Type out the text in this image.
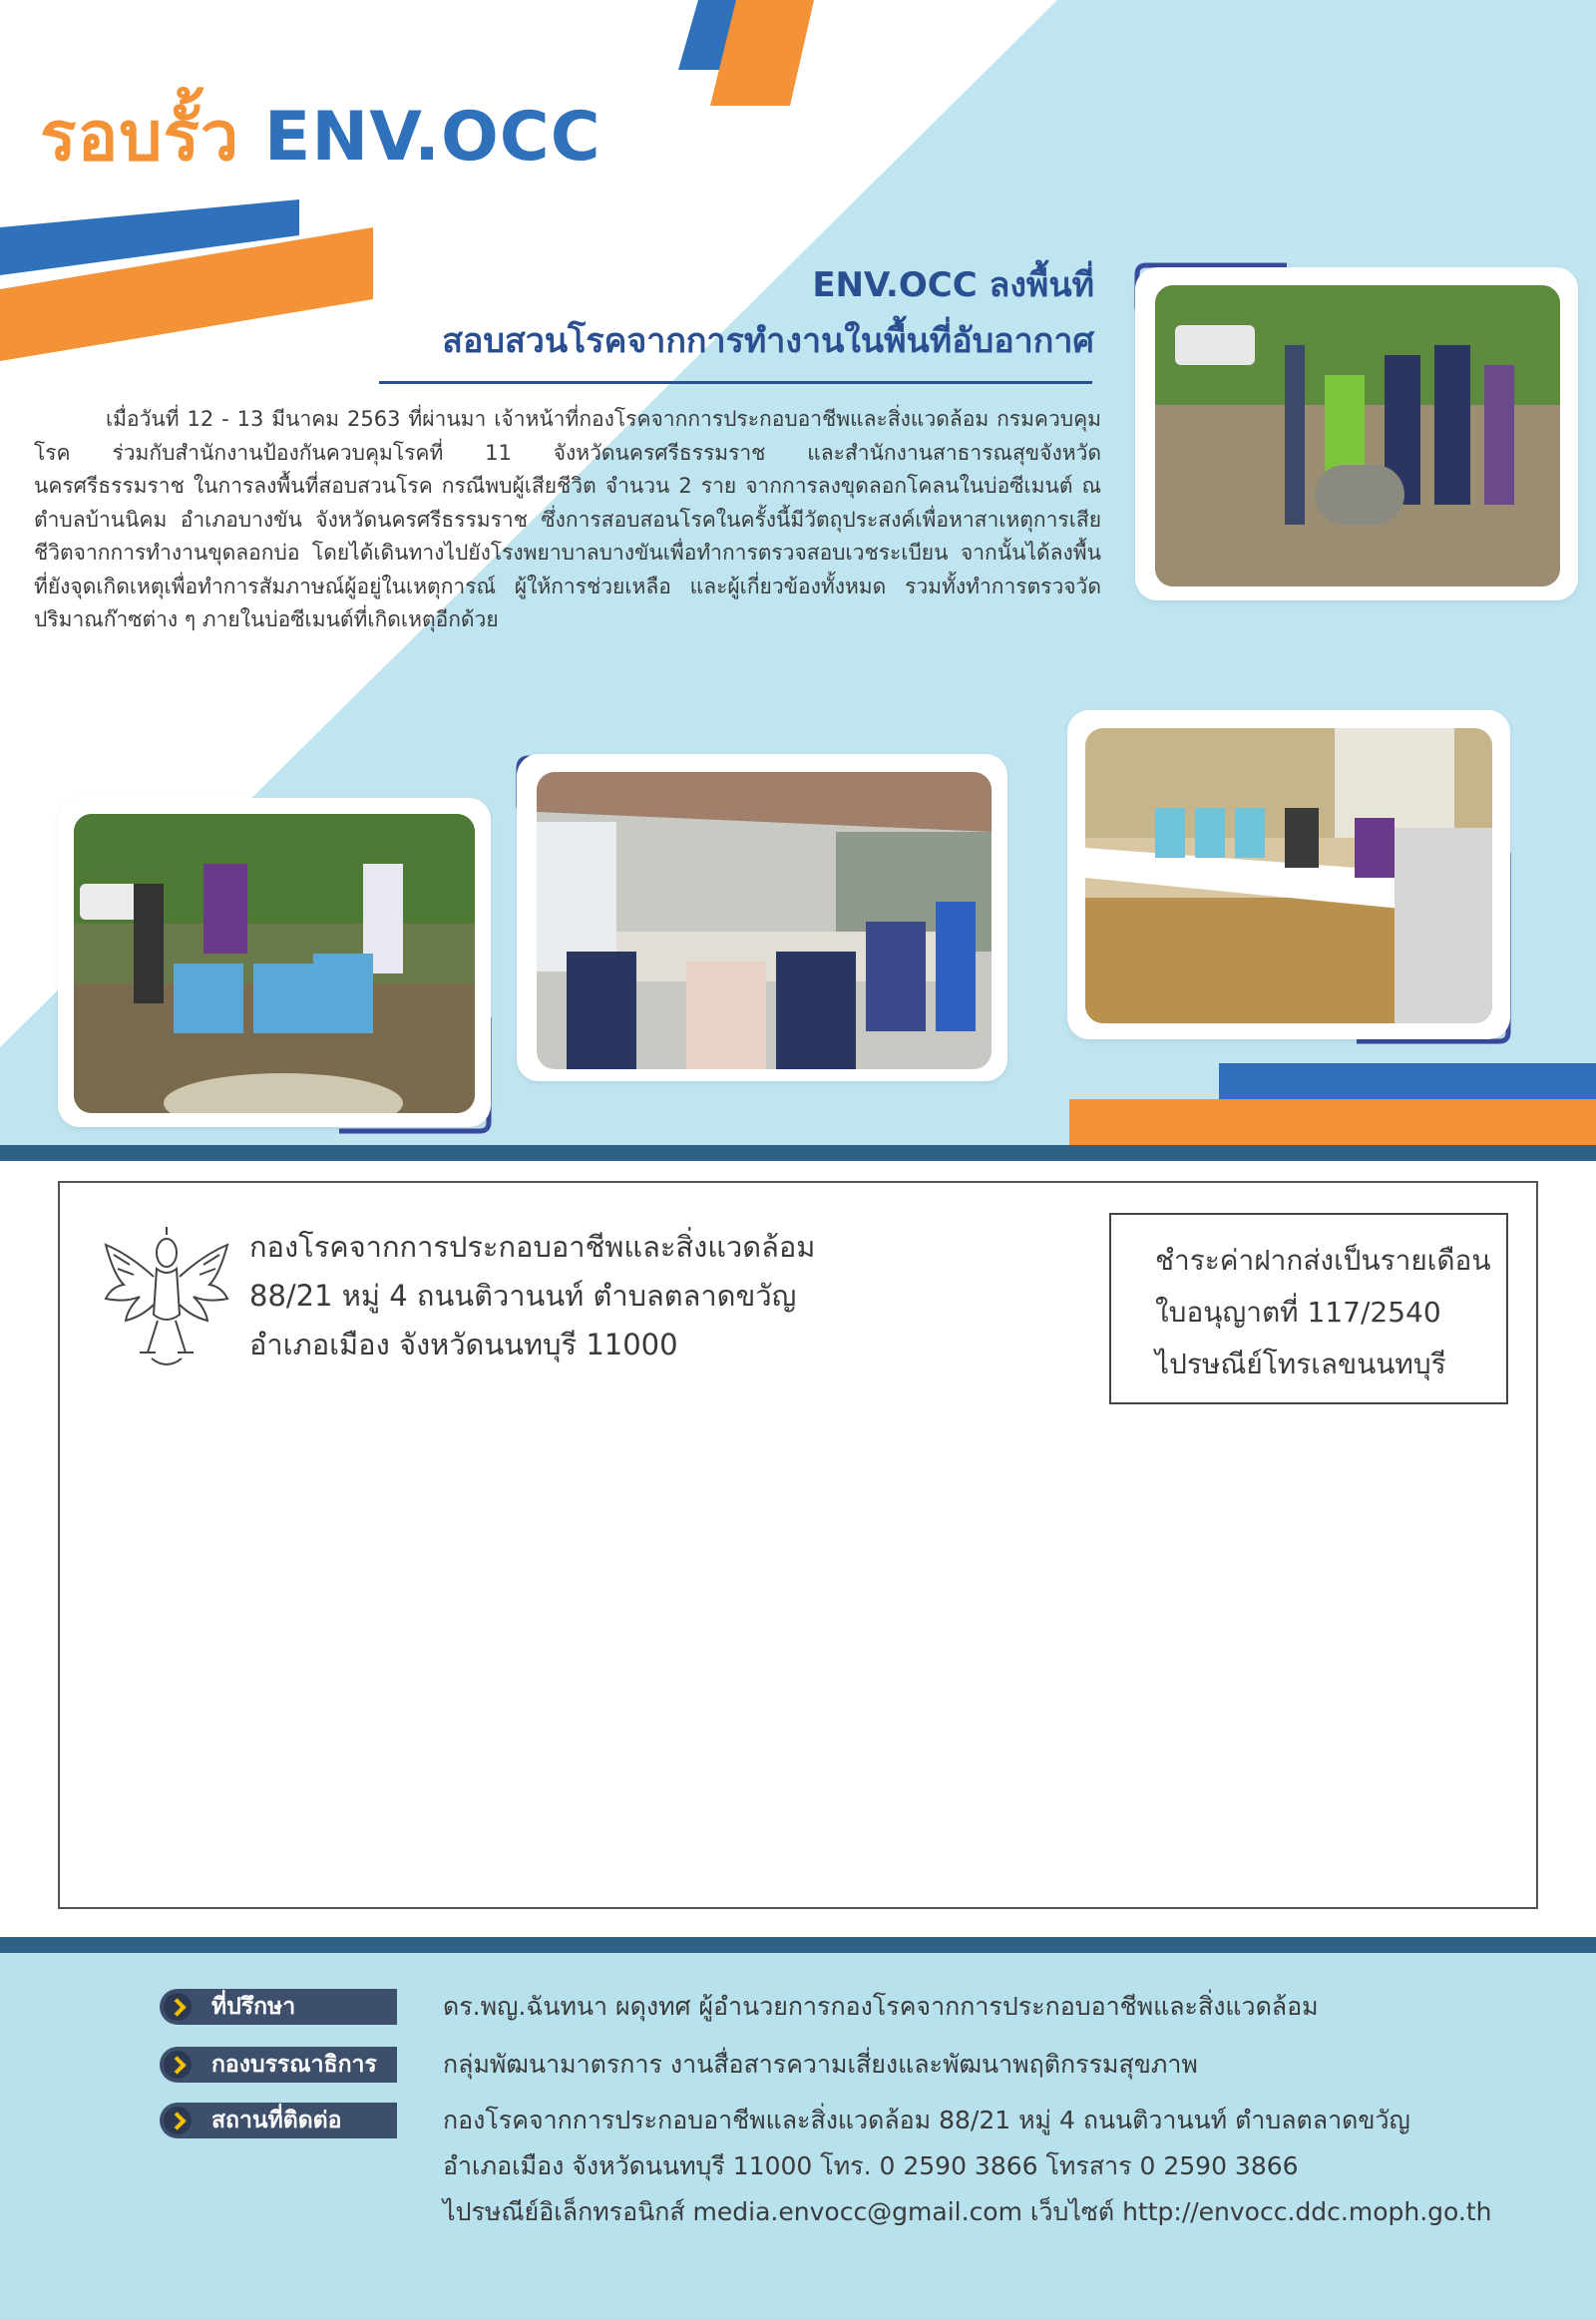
รอบรั้ว ENV.OCC
ENV.OCC ลงพื้นที่
สอบสวนโรคจากการทำงานในพื้นที่อับอากาศ

เมื่อวันที่ 12 - 13 มีนาคม 2563 ที่ผ่านมา เจ้าหน้าที่กองโรคจากการประกอบอาชีพและสิ่งแวดล้อม กรมควบคุมโรค ร่วมกับสำนักงานป้องกันควบคุมโรคที่ 11 จังหวัดนครศรีธรรมราช และสำนักงานสาธารณสุขจังหวัดนครศรีธรรมราช ในการลงพื้นที่สอบสวนโรค กรณีพบผู้เสียชีวิต จำนวน 2 ราย จากการลงขุดลอกโคลนในบ่อซีเมนต์ ณ ตำบลบ้านนิคม อำเภอบางขัน จังหวัดนครศรีธรรมราช ซึ่งการสอบสอนโรคในครั้งนี้มีวัตถุประสงค์เพื่อหาสาเหตุการเสียชีวิตจากการทำงานขุดลอกบ่อ โดยได้เดินทางไปยังโรงพยาบาลบางขันเพื่อทำการตรวจสอบเวชระเบียน จากนั้นได้ลงพื้นที่ยังจุดเกิดเหตุเพื่อทำการสัมภาษณ์ผู้อยู่ในเหตุการณ์ ผู้ให้การช่วยเหลือ และผู้เกี่ยวข้องทั้งหมด รวมทั้งทำการตรวจวัดปริมาณก๊าซต่าง ๆ ภายในบ่อซีเมนต์ที่เกิดเหตุอีกด้วย

กองโรคจากการประกอบอาชีพและสิ่งแวดล้อม
88/21 หมู่ 4 ถนนติวานนท์ ตำบลตลาดขวัญ
อำเภอเมือง จังหวัดนนทบุรี 11000
ชำระค่าฝากส่งเป็นรายเดือน
ใบอนุญาตที่ 117/2540
ไปรษณีย์โทรเลขนนทบุรี
ที่ปรึกษา	ดร.พญ.ฉันทนา ผดุงทศ ผู้อำนวยการกองโรคจากการประกอบอาชีพและสิ่งแวดล้อม
กองบรรณาธิการ	กลุ่มพัฒนามาตรการ งานสื่อสารความเสี่ยงและพัฒนาพฤติกรรมสุขภาพ
สถานที่ติดต่อ	กองโรคจากการประกอบอาชีพและสิ่งแวดล้อม 88/21 หมู่ 4 ถนนติวานนท์ ตำบลตลาดขวัญ
อำเภอเมือง จังหวัดนนทบุรี 11000 โทร. 0 2590 3866 โทรสาร 0 2590 3866
ไปรษณีย์อิเล็กทรอนิกส์ media.envocc@gmail.com เว็บไซต์ http://envocc.ddc.moph.go.th
